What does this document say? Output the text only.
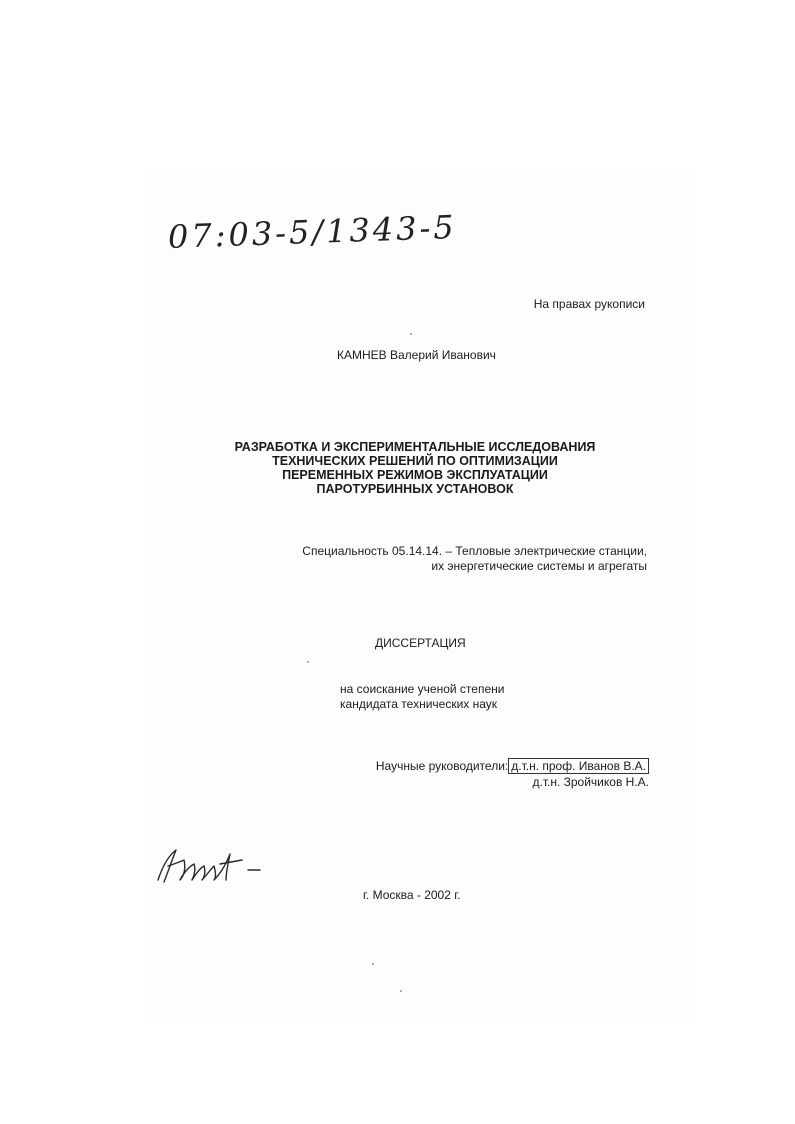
07:03-5/1343-5
На правах рукописи
КАМНЕВ Валерий Иванович
РАЗРАБОТКА И ЭКСПЕРИМЕНТАЛЬНЫЕ ИССЛЕДОВАНИЯ
ТЕХНИЧЕСКИХ РЕШЕНИЙ ПО ОПТИМИЗАЦИИ
ПЕРЕМЕННЫХ РЕЖИМОВ ЭКСПЛУАТАЦИИ
ПАРОТУРБИННЫХ УСТАНОВОК
Специальность 05.14.14. – Тепловые электрические станции,
их энергетические системы и агрегаты
ДИССЕРТАЦИЯ
на соискание ученой степени
кандидата технических наук
Научные руководители: д.т.н. проф. Иванов В.А.
д.т.н. Зройчиков Н.А.
г. Москва - 2002 г.
